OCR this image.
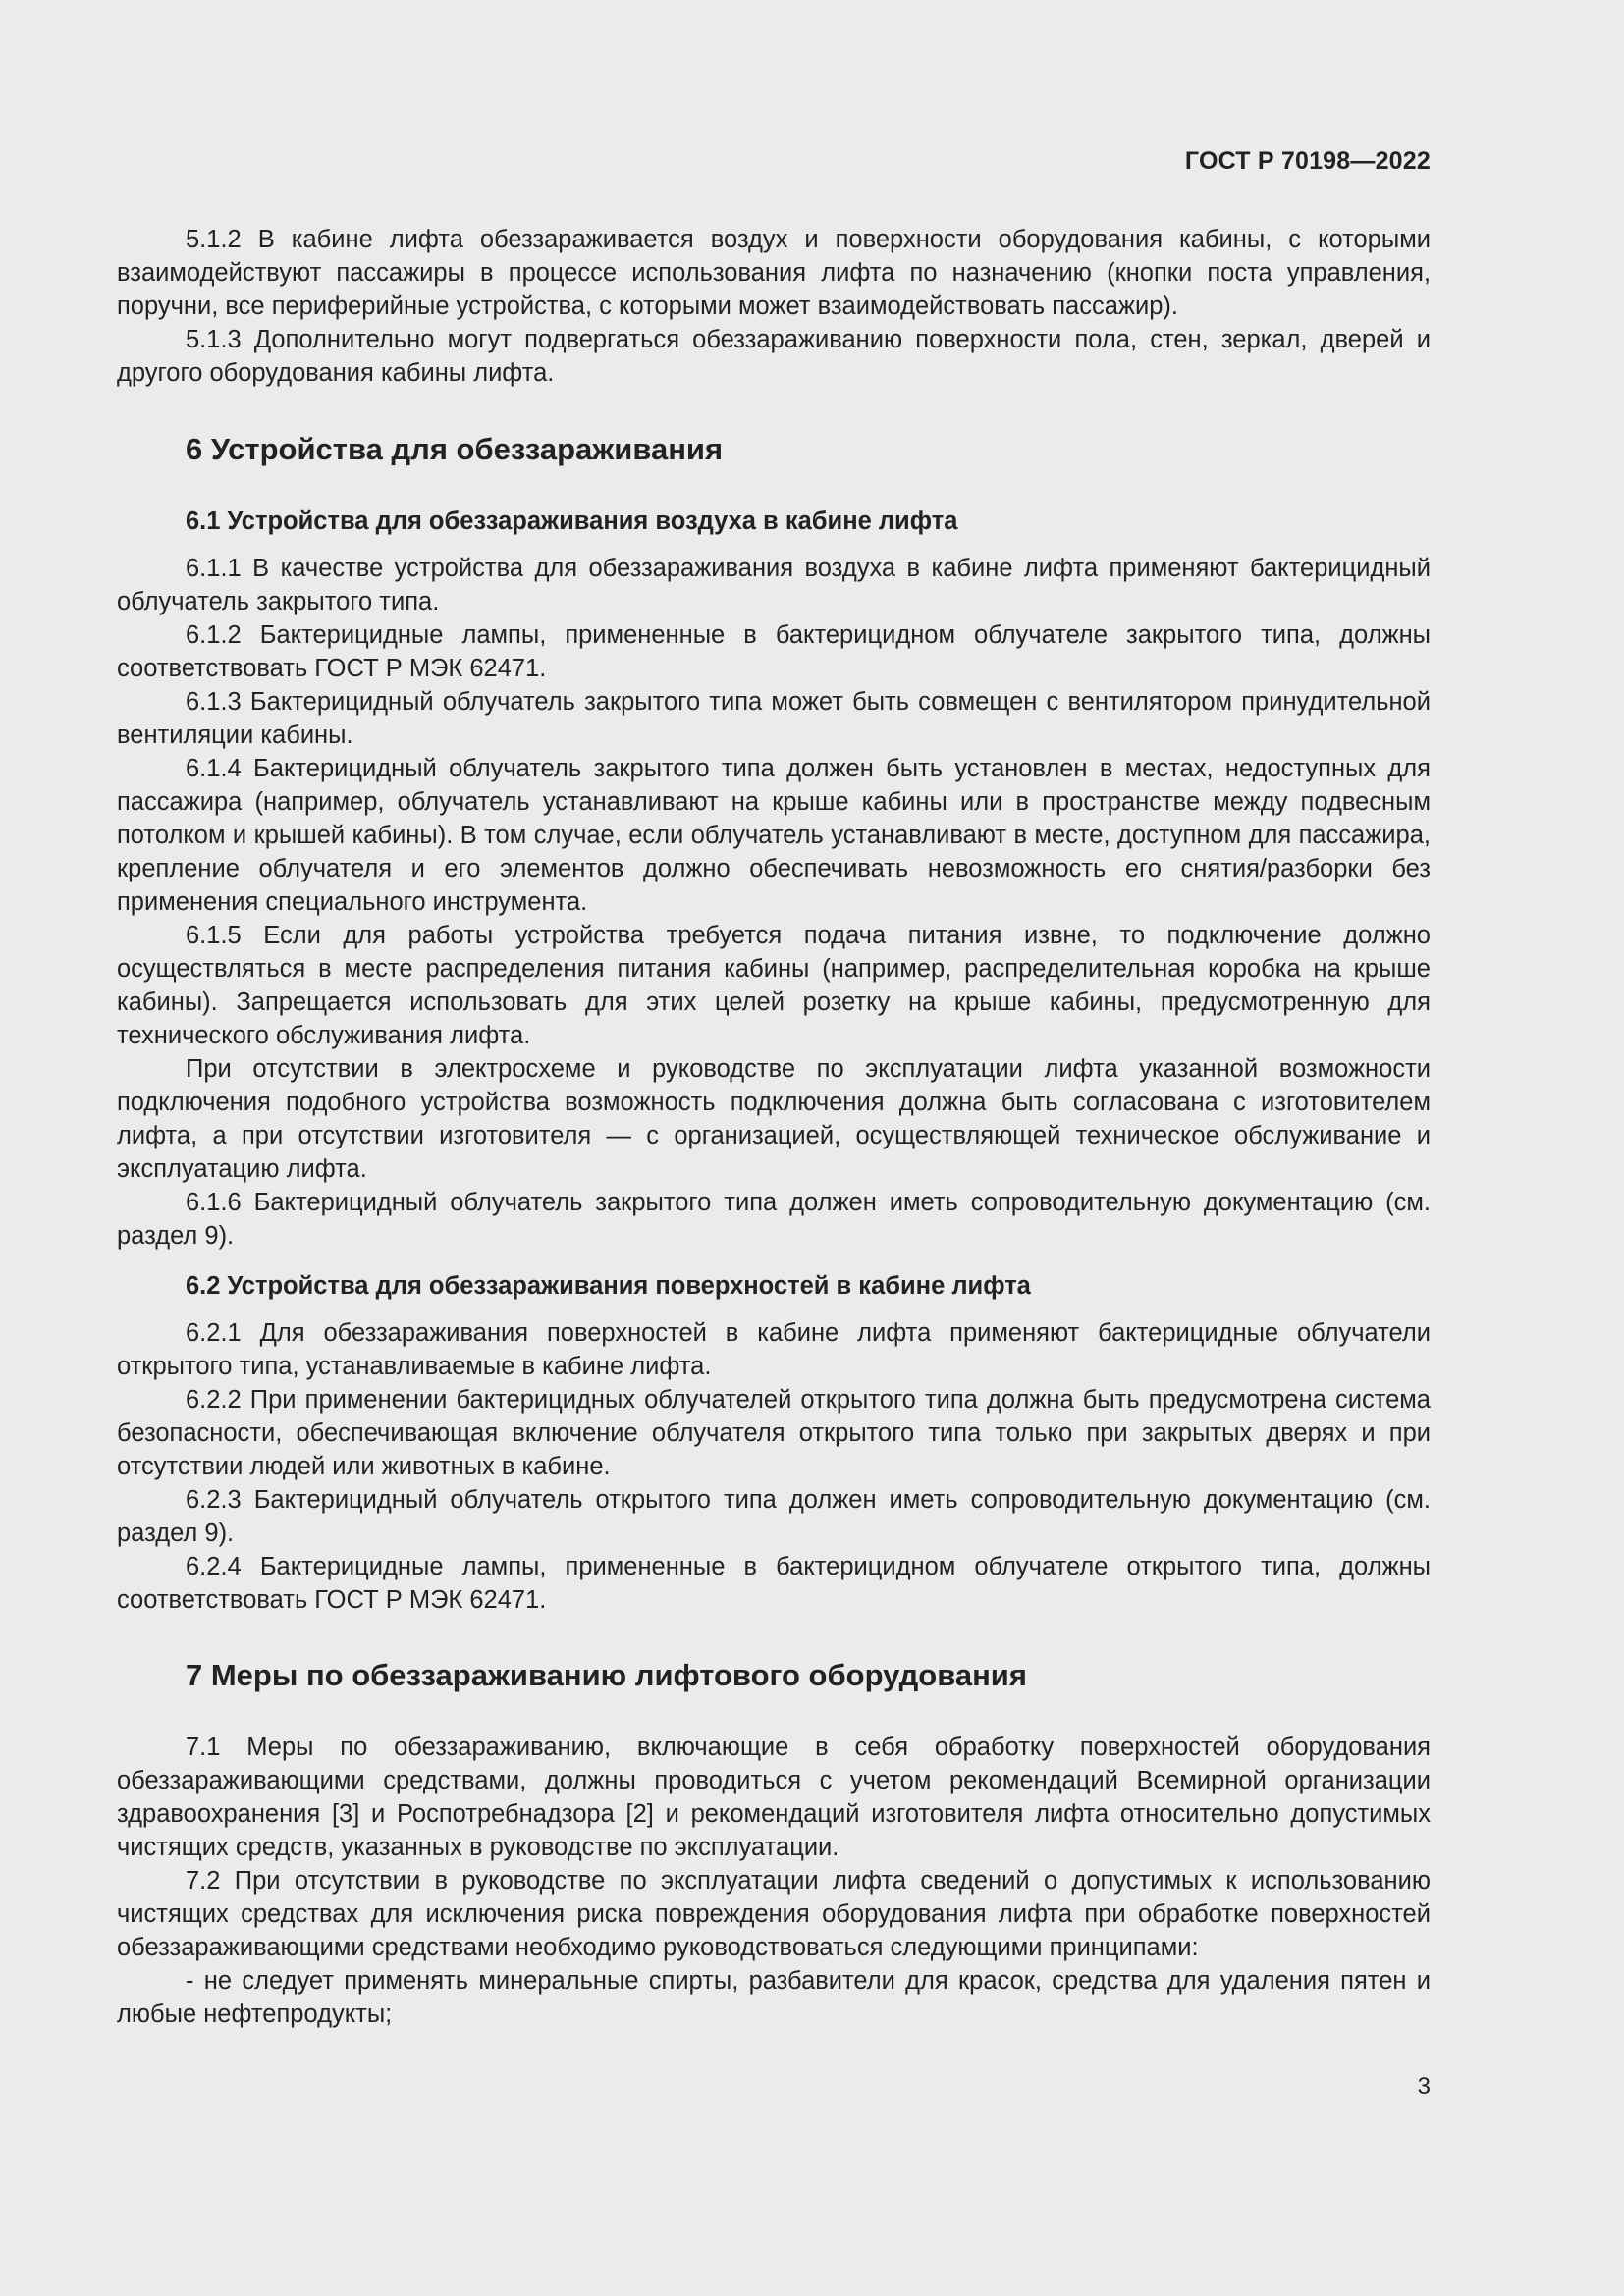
ГОСТ Р 70198—2022

5.1.2 В кабине лифта обеззараживается воздух и поверхности оборудования кабины, с которыми взаимодействуют пассажиры в процессе использования лифта по назначению (кнопки поста управления, поручни, все периферийные устройства, с которыми может взаимодействовать пассажир).

5.1.3 Дополнительно могут подвергаться обеззараживанию поверхности пола, стен, зеркал, дверей и другого оборудования кабины лифта.

6 Устройства для обеззараживания
6.1 Устройства для обеззараживания воздуха в кабине лифта

6.1.1 В качестве устройства для обеззараживания воздуха в кабине лифта применяют бактерицидный облучатель закрытого типа.

6.1.2 Бактерицидные лампы, примененные в бактерицидном облучателе закрытого типа, должны соответствовать ГОСТ Р МЭК 62471.

6.1.3 Бактерицидный облучатель закрытого типа может быть совмещен с вентилятором принудительной вентиляции кабины.

6.1.4 Бактерицидный облучатель закрытого типа должен быть установлен в местах, недоступных для пассажира (например, облучатель устанавливают на крыше кабины или в пространстве между подвесным потолком и крышей кабины). В том случае, если облучатель устанавливают в месте, доступном для пассажира, крепление облучателя и его элементов должно обеспечивать невозможность его снятия/разборки без применения специального инструмента.

6.1.5 Если для работы устройства требуется подача питания извне, то подключение должно осуществляться в месте распределения питания кабины (например, распределительная коробка на крыше кабины). Запрещается использовать для этих целей розетку на крыше кабины, предусмотренную для технического обслуживания лифта.

При отсутствии в электросхеме и руководстве по эксплуатации лифта указанной возможности подключения подобного устройства возможность подключения должна быть согласована с изготовителем лифта, а при отсутствии изготовителя — с организацией, осуществляющей техническое обслуживание и эксплуатацию лифта.

6.1.6 Бактерицидный облучатель закрытого типа должен иметь сопроводительную документацию (см. раздел 9).

6.2 Устройства для обеззараживания поверхностей в кабине лифта

6.2.1 Для обеззараживания поверхностей в кабине лифта применяют бактерицидные облучатели открытого типа, устанавливаемые в кабине лифта.

6.2.2 При применении бактерицидных облучателей открытого типа должна быть предусмотрена система безопасности, обеспечивающая включение облучателя открытого типа только при закрытых дверях и при отсутствии людей или животных в кабине.

6.2.3 Бактерицидный облучатель открытого типа должен иметь сопроводительную документацию (см. раздел 9).

6.2.4 Бактерицидные лампы, примененные в бактерицидном облучателе открытого типа, должны соответствовать ГОСТ Р МЭК 62471.

7 Меры по обеззараживанию лифтового оборудования

7.1 Меры по обеззараживанию, включающие в себя обработку поверхностей оборудования обеззараживающими средствами, должны проводиться с учетом рекомендаций Всемирной организации здравоохранения [3] и Роспотребнадзора [2] и рекомендаций изготовителя лифта относительно допустимых чистящих средств, указанных в руководстве по эксплуатации.

7.2 При отсутствии в руководстве по эксплуатации лифта сведений о допустимых к использованию чистящих средствах для исключения риска повреждения оборудования лифта при обработке поверхностей обеззараживающими средствами необходимо руководствоваться следующими принципами:

- не следует применять минеральные спирты, разбавители для красок, средства для удаления пятен и любые нефтепродукты;

3
